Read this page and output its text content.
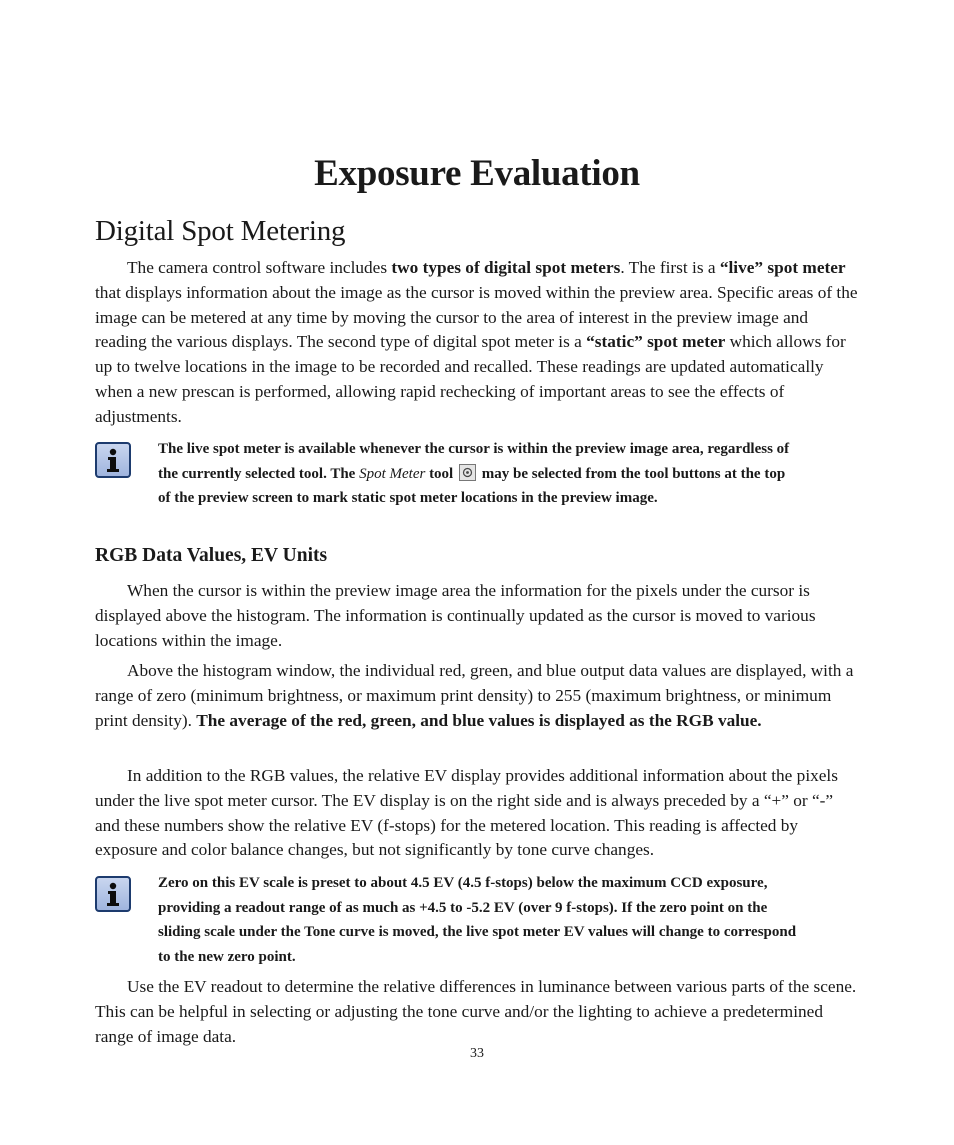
Exposure Evaluation
Digital Spot Metering

The camera control software includes two types of digital spot meters. The first is a “live” spot meter that displays information about the image as the cursor is moved within the preview area. Specific areas of the image can be metered at any time by moving the cursor to the area of interest in the preview image and reading the various displays. The second type of digital spot meter is a “static” spot meter which allows for up to twelve locations in the image to be recorded and recalled. These readings are updated automatically when a new prescan is performed, allowing rapid rechecking of important areas to see the effects of adjustments.

The live spot meter is available whenever the cursor is within the preview image area, regardless of the currently selected tool. The Spot Meter tool
may be selected from the tool buttons at the top of the preview screen to mark static spot meter locations in the preview image.

RGB Data Values, EV Units

When the cursor is within the preview image area the information for the pixels under the cursor is displayed above the histogram. The information is continually updated as the cursor is moved to various locations within the image.

Above the histogram window, the individual red, green, and blue output data values are displayed, with a range of zero (minimum brightness, or maximum print density) to 255 (maximum brightness, or minimum print density). The average of the red, green, and blue values is displayed as the RGB value.

In addition to the RGB values, the relative EV display provides additional information about the pixels under the live spot meter cursor. The EV display is on the right side and is always preceded by a “+” or “-” and these numbers show the relative EV (f-stops) for the metered location. This reading is affected by exposure and color balance changes, but not significantly by tone curve changes.

Zero on this EV scale is preset to about 4.5 EV (4.5 f-stops) below the maximum CCD exposure, providing a readout range of as much as +4.5 to -5.2 EV (over 9 f-stops). If the zero point on the sliding scale under the Tone curve is moved, the live spot meter EV values will change to correspond to the new zero point.

Use the EV readout to determine the relative differences in luminance between various parts of the scene. This can be helpful in selecting or adjusting the tone curve and/or the lighting to achieve a predetermined range of image data.

33
